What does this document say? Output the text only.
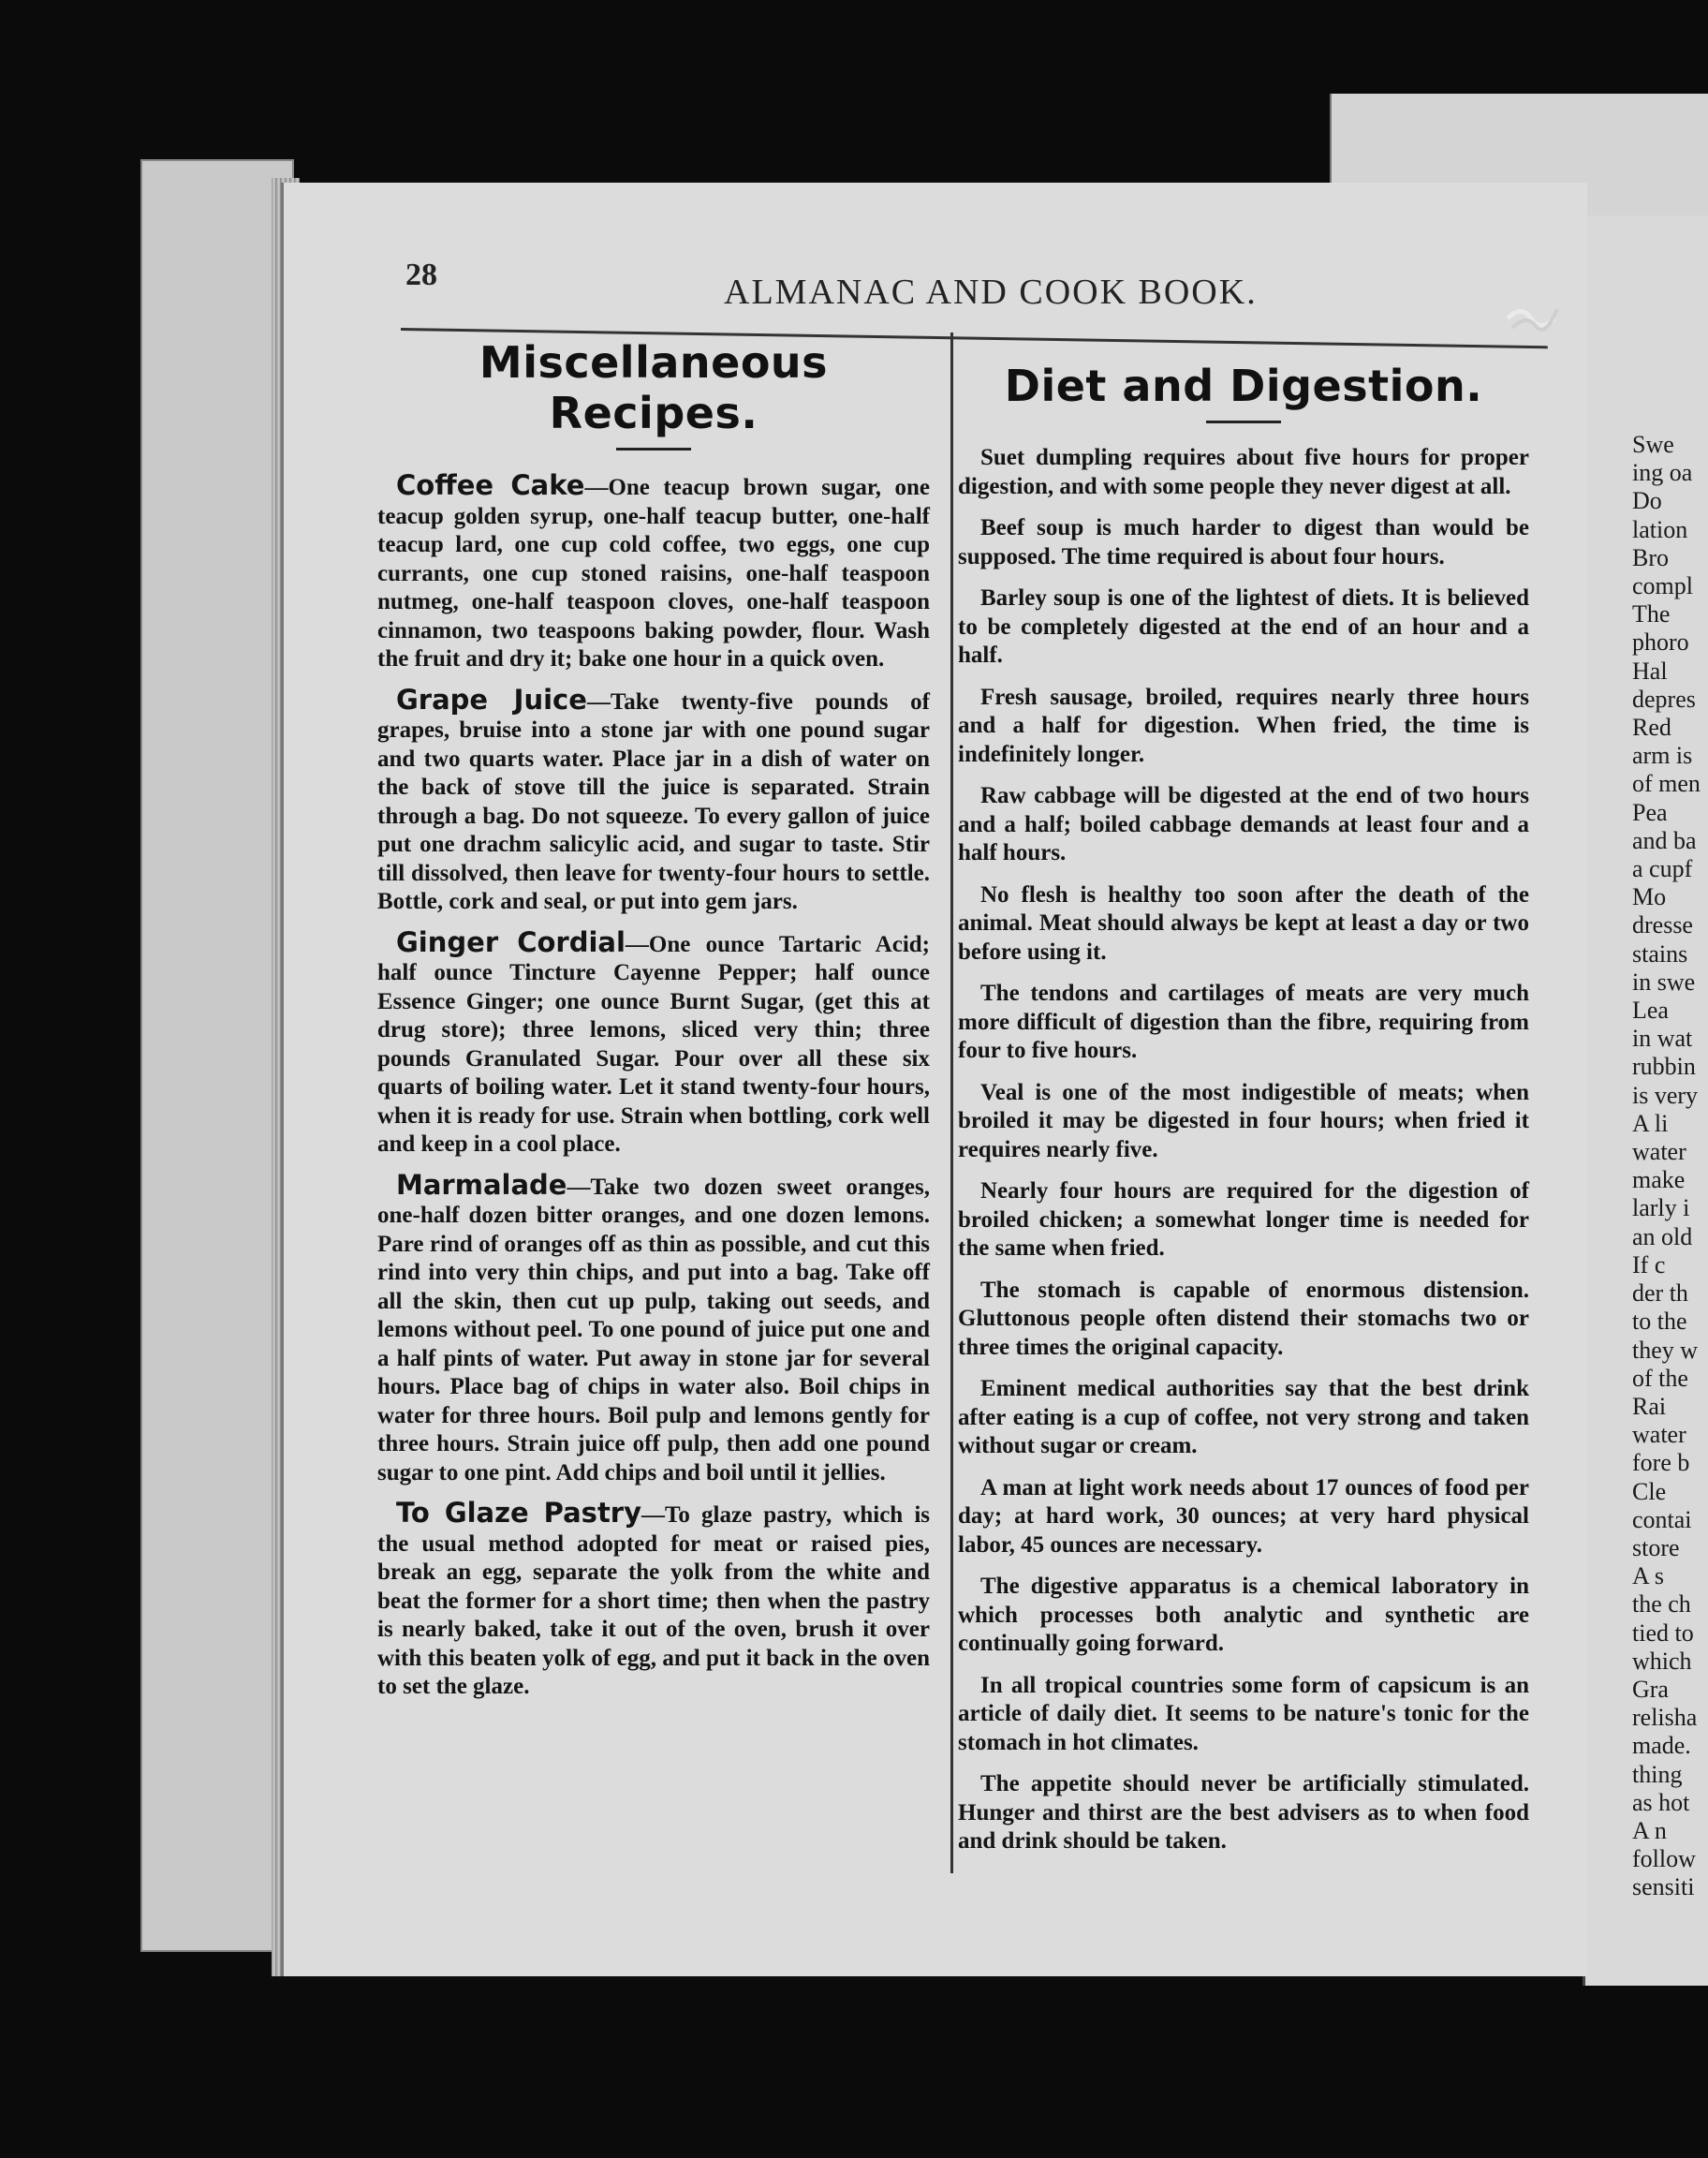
Swe
ing oa
Do
lation
Bro
compl
The
phoro
Hal
depres
Red
arm is
of men
Pea
and ba
a cupf
Mo
dresse
stains
in swe
Lea
in wat
rubbin
is very
A li
water
make
larly i
an old
If c
der th
to the
they w
of the
Rai
water
fore b
Cle
contai
store
A s
the ch
tied to
which
Gra
relisha
made.
thing
as hot
A n
follow
sensiti
28	ALMANAC AND COOK BOOK.
Miscellaneous Recipes.

Coffee Cake—One teacup brown sugar, one teacup golden syrup, one-half teacup butter, one-half teacup lard, one cup cold coffee, two eggs, one cup currants, one cup stoned raisins, one-half teaspoon nutmeg, one-half teaspoon cloves, one-half teaspoon cinnamon, two teaspoons baking powder, flour. Wash the fruit and dry it; bake one hour in a quick oven.

Grape Juice—Take twenty-five pounds of grapes, bruise into a stone jar with one pound sugar and two quarts water. Place jar in a dish of water on the back of stove till the juice is separated. Strain through a bag. Do not squeeze. To every gallon of juice put one drachm salicylic acid, and sugar to taste. Stir till dissolved, then leave for twenty-four hours to settle. Bottle, cork and seal, or put into gem jars.

Ginger Cordial—One ounce Tartaric Acid; half ounce Tincture Cayenne Pepper; half ounce Essence Ginger; one ounce Burnt Sugar, (get this at drug store); three lemons, sliced very thin; three pounds Granulated Sugar. Pour over all these six quarts of boiling water. Let it stand twenty-four hours, when it is ready for use. Strain when bottling, cork well and keep in a cool place.

Marmalade—Take two dozen sweet oranges, one-half dozen bitter oranges, and one dozen lemons. Pare rind of oranges off as thin as possible, and cut this rind into very thin chips, and put into a bag. Take off all the skin, then cut up pulp, taking out seeds, and lemons without peel. To one pound of juice put one and a half pints of water. Put away in stone jar for several hours. Place bag of chips in water also. Boil chips in water for three hours. Boil pulp and lemons gently for three hours. Strain juice off pulp, then add one pound sugar to one pint. Add chips and boil until it jellies.

To Glaze Pastry—To glaze pastry, which is the usual method adopted for meat or raised pies, break an egg, separate the yolk from the white and beat the former for a short time; then when the pastry is nearly baked, take it out of the oven, brush it over with this beaten yolk of egg, and put it back in the oven to set the glaze.

Diet and Digestion.

Suet dumpling requires about five hours for proper digestion, and with some people they never digest at all.

Beef soup is much harder to digest than would be supposed. The time required is about four hours.

Barley soup is one of the lightest of diets. It is believed to be completely digested at the end of an hour and a half.

Fresh sausage, broiled, requires nearly three hours and a half for digestion. When fried, the time is indefinitely longer.

Raw cabbage will be digested at the end of two hours and a half; boiled cabbage demands at least four and a half hours.

No flesh is healthy too soon after the death of the animal. Meat should always be kept at least a day or two before using it.

The tendons and cartilages of meats are very much more difficult of digestion than the fibre, requiring from four to five hours.

Veal is one of the most indigestible of meats; when broiled it may be digested in four hours; when fried it requires nearly five.

Nearly four hours are required for the digestion of broiled chicken; a somewhat longer time is needed for the same when fried.

The stomach is capable of enormous distension. Gluttonous people often distend their stomachs two or three times the original capacity.

Eminent medical authorities say that the best drink after eating is a cup of coffee, not very strong and taken without sugar or cream.

A man at light work needs about 17 ounces of food per day; at hard work, 30 ounces; at very hard physical labor, 45 ounces are necessary.

The digestive apparatus is a chemical laboratory in which processes both analytic and synthetic are continually going forward.

In all tropical countries some form of capsicum is an article of daily diet. It seems to be nature's tonic for the stomach in hot climates.

The appetite should never be artificially stimulated. Hunger and thirst are the best advisers as to when food and drink should be taken.
